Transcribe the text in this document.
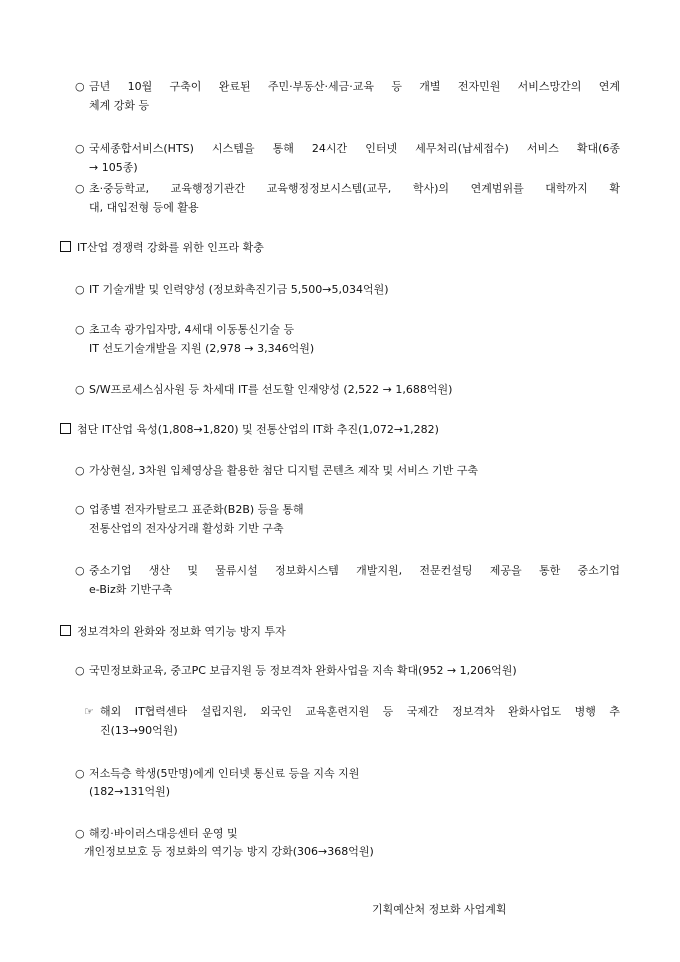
○ 금년 10월 구축이 완료된 주민·부동산·세금·교육 등 개별 전자민원 서비스망간의 연계
체계 강화 등
○ 국세종합서비스(HTS) 시스템을 통해 24시간 인터넷 세무처리(납세접수) 서비스 확대(6종
→ 105종)
○ 초·중등학교, 교육행정기관간 교육행정정보시스템(교무, 학사)의 연계범위를 대학까지 확
대, 대입전형 등에 활용
IT산업 경쟁력 강화를 위한 인프라 확충
○ IT 기술개발 및 인력양성 (정보화촉진기금 5,500→5,034억원)
○ 초고속 광가입자망, 4세대 이동통신기술 등
IT 선도기술개발을 지원 (2,978 → 3,346억원)
○ S/W프로세스심사원 등 차세대 IT를 선도할 인재양성 (2,522 → 1,688억원)
첨단 IT산업 육성(1,808→1,820) 및 전통산업의 IT화 추진(1,072→1,282)
○ 가상현실, 3차원 입체영상을 활용한 첨단 디지털 콘텐츠 제작 및 서비스 기반 구축
○ 업종별 전자카탈로그 표준화(B2B) 등을 통해
전통산업의 전자상거래 활성화 기반 구축
○ 중소기업 생산 및 물류시설 정보화시스템 개발지원, 전문컨설팅 제공을 통한 중소기업
e-Biz화 기반구축
정보격차의 완화와 정보화 역기능 방지 투자
○ 국민정보화교육, 중고PC 보급지원 등 정보격차 완화사업을 지속 확대(952 → 1,206억원)
☞ 해외 IT협력센타 설립지원, 외국인 교육훈련지원 등 국제간 정보격차 완화사업도 병행 추
진(13→90억원)
○ 저소득층 학생(5만명)에게 인터넷 통신료 등을 지속 지원
(182→131억원)
○ 해킹·바이러스대응센터 운영 및
개인정보보호 등 정보화의 역기능 방지 강화(306→368억원)
기획예산처 정보화 사업계획
